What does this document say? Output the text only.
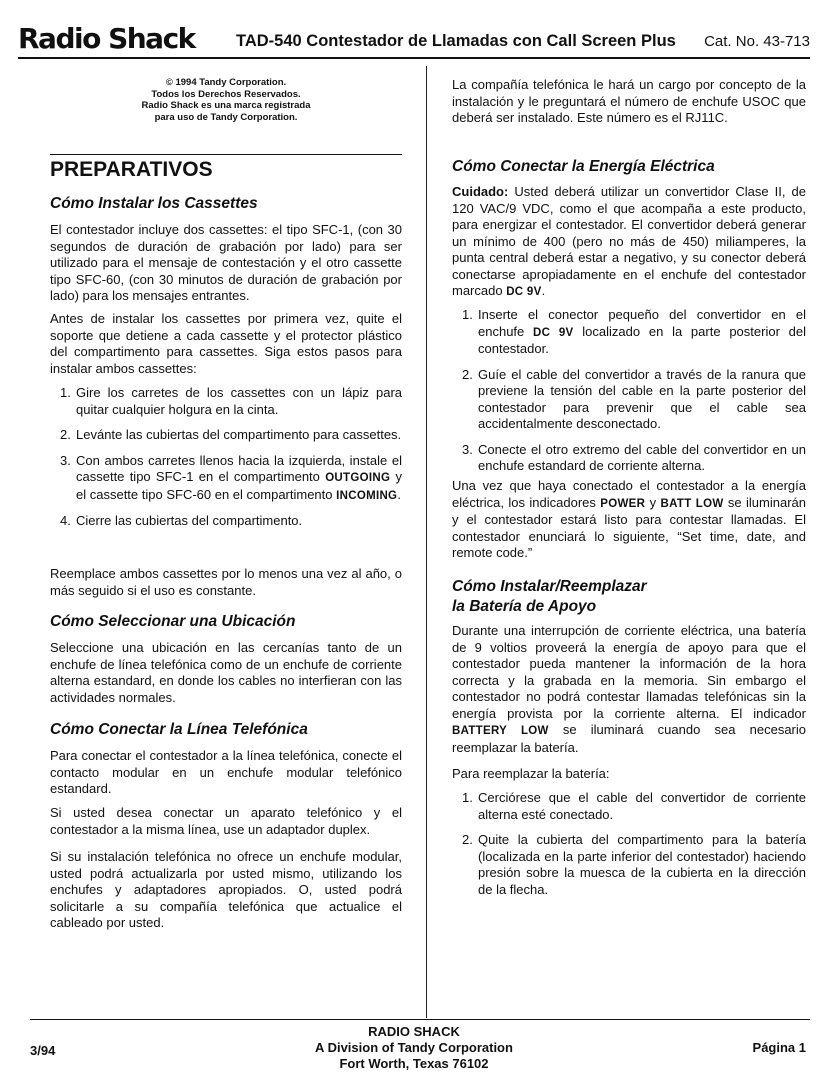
Radio Shack TAD-540 Contestador de Llamadas con Call Screen Plus Cat. No. 43-713
© 1994 Tandy Corporation.
Todos los Derechos Reservados.
Radio Shack es una marca registrada
para uso de Tandy Corporation.
PREPARATIVOS
Cómo Instalar los Cassettes

El contestador incluye dos cassettes: el tipo SFC-1, (con 30 segundos de duración de grabación por lado) para ser utilizado para el mensaje de contestación y el otro cassette tipo SFC-60, (con 30 minutos de duración de grabación por lado) para los mensajes entrantes.

Antes de instalar los cassettes por primera vez, quite el soporte que detiene a cada cassette y el protector plástico del compartimento para cassettes. Siga estos pasos para instalar ambos cassettes:

1. Gire los carretes de los cassettes con un lápiz para quitar cualquier holgura en la cinta.
2. Levánte las cubiertas del compartimento para cassettes.
3. Con ambos carretes llenos hacia la izquierda, instale el cassette tipo SFC-1 en el compartimento OUTGOING y el cassette tipo SFC-60 en el compartimento INCOMING.
4. Cierre las cubiertas del compartimento.

Reemplace ambos cassettes por lo menos una vez al año, o más seguido si el uso es constante.

Cómo Seleccionar una Ubicación

Seleccione una ubicación en las cercanías tanto de un enchufe de línea telefónica como de un enchufe de corriente alterna estandard, en donde los cables no interfieran con las actividades normales.

Cómo Conectar la Línea Telefónica

Para conectar el contestador a la línea telefónica, conecte el contacto modular en un enchufe modular telefónico estandard.

Si usted desea conectar un aparato telefónico y el contestador a la misma línea, use un adaptador duplex.

Si su instalación telefónica no ofrece un enchufe modular, usted podrá actualizarla por usted mismo, utilizando los enchufes y adaptadores apropiados. O, usted podrá solicitarle a su compañía telefónica que actualice el cableado por usted.

La compañía telefónica le hará un cargo por concepto de la instalación y le preguntará el número de enchufe USOC que deberá ser instalado. Este número es el RJ11C.

Cómo Conectar la Energía Eléctrica

Cuidado: Usted deberá utilizar un convertidor Clase II, de 120 VAC/9 VDC, como el que acompaña a este producto, para energizar el contestador. El convertidor deberá generar un mínimo de 400 (pero no más de 450) miliamperes, la punta central deberá estar a negativo, y su conector deberá conectarse apropiadamente en el enchufe del contestador marcado DC 9V.

1. Inserte el conector pequeño del convertidor en el enchufe DC 9V localizado en la parte posterior del contestador.
2. Guíe el cable del convertidor a través de la ranura que previene la tensión del cable en la parte posterior del contestador para prevenir que el cable sea accidentalmente desconectado.
3. Conecte el otro extremo del cable del convertidor en un enchufe estandard de corriente alterna.

Una vez que haya conectado el contestador a la energía eléctrica, los indicadores POWER y BATT LOW se iluminarán y el contestador estará listo para contestar llamadas. El contestador enunciará lo siguiente, “Set time, date, and remote code.”

Cómo Instalar/Reemplazar
la Batería de Apoyo

Durante una interrupción de corriente eléctrica, una batería de 9 voltios proveerá la energía de apoyo para que el contestador pueda mantener la información de la hora correcta y la grabada en la memoria. Sin embargo el contestador no podrá contestar llamadas telefónicas sin la energía provista por la corriente alterna. El indicador BATTERY LOW se iluminará cuando sea necesario reemplazar la batería.

Para reemplazar la batería:

1. Cerciórese que el cable del convertidor de corriente alterna esté conectado.
2. Quite la cubierta del compartimento para la batería (localizada en la parte inferior del contestador) haciendo presión sobre la muesca de la cubierta en la dirección de la flecha.
RADIO SHACK
A Division of Tandy Corporation
Fort Worth, Texas 76102
3/94	Página 1
